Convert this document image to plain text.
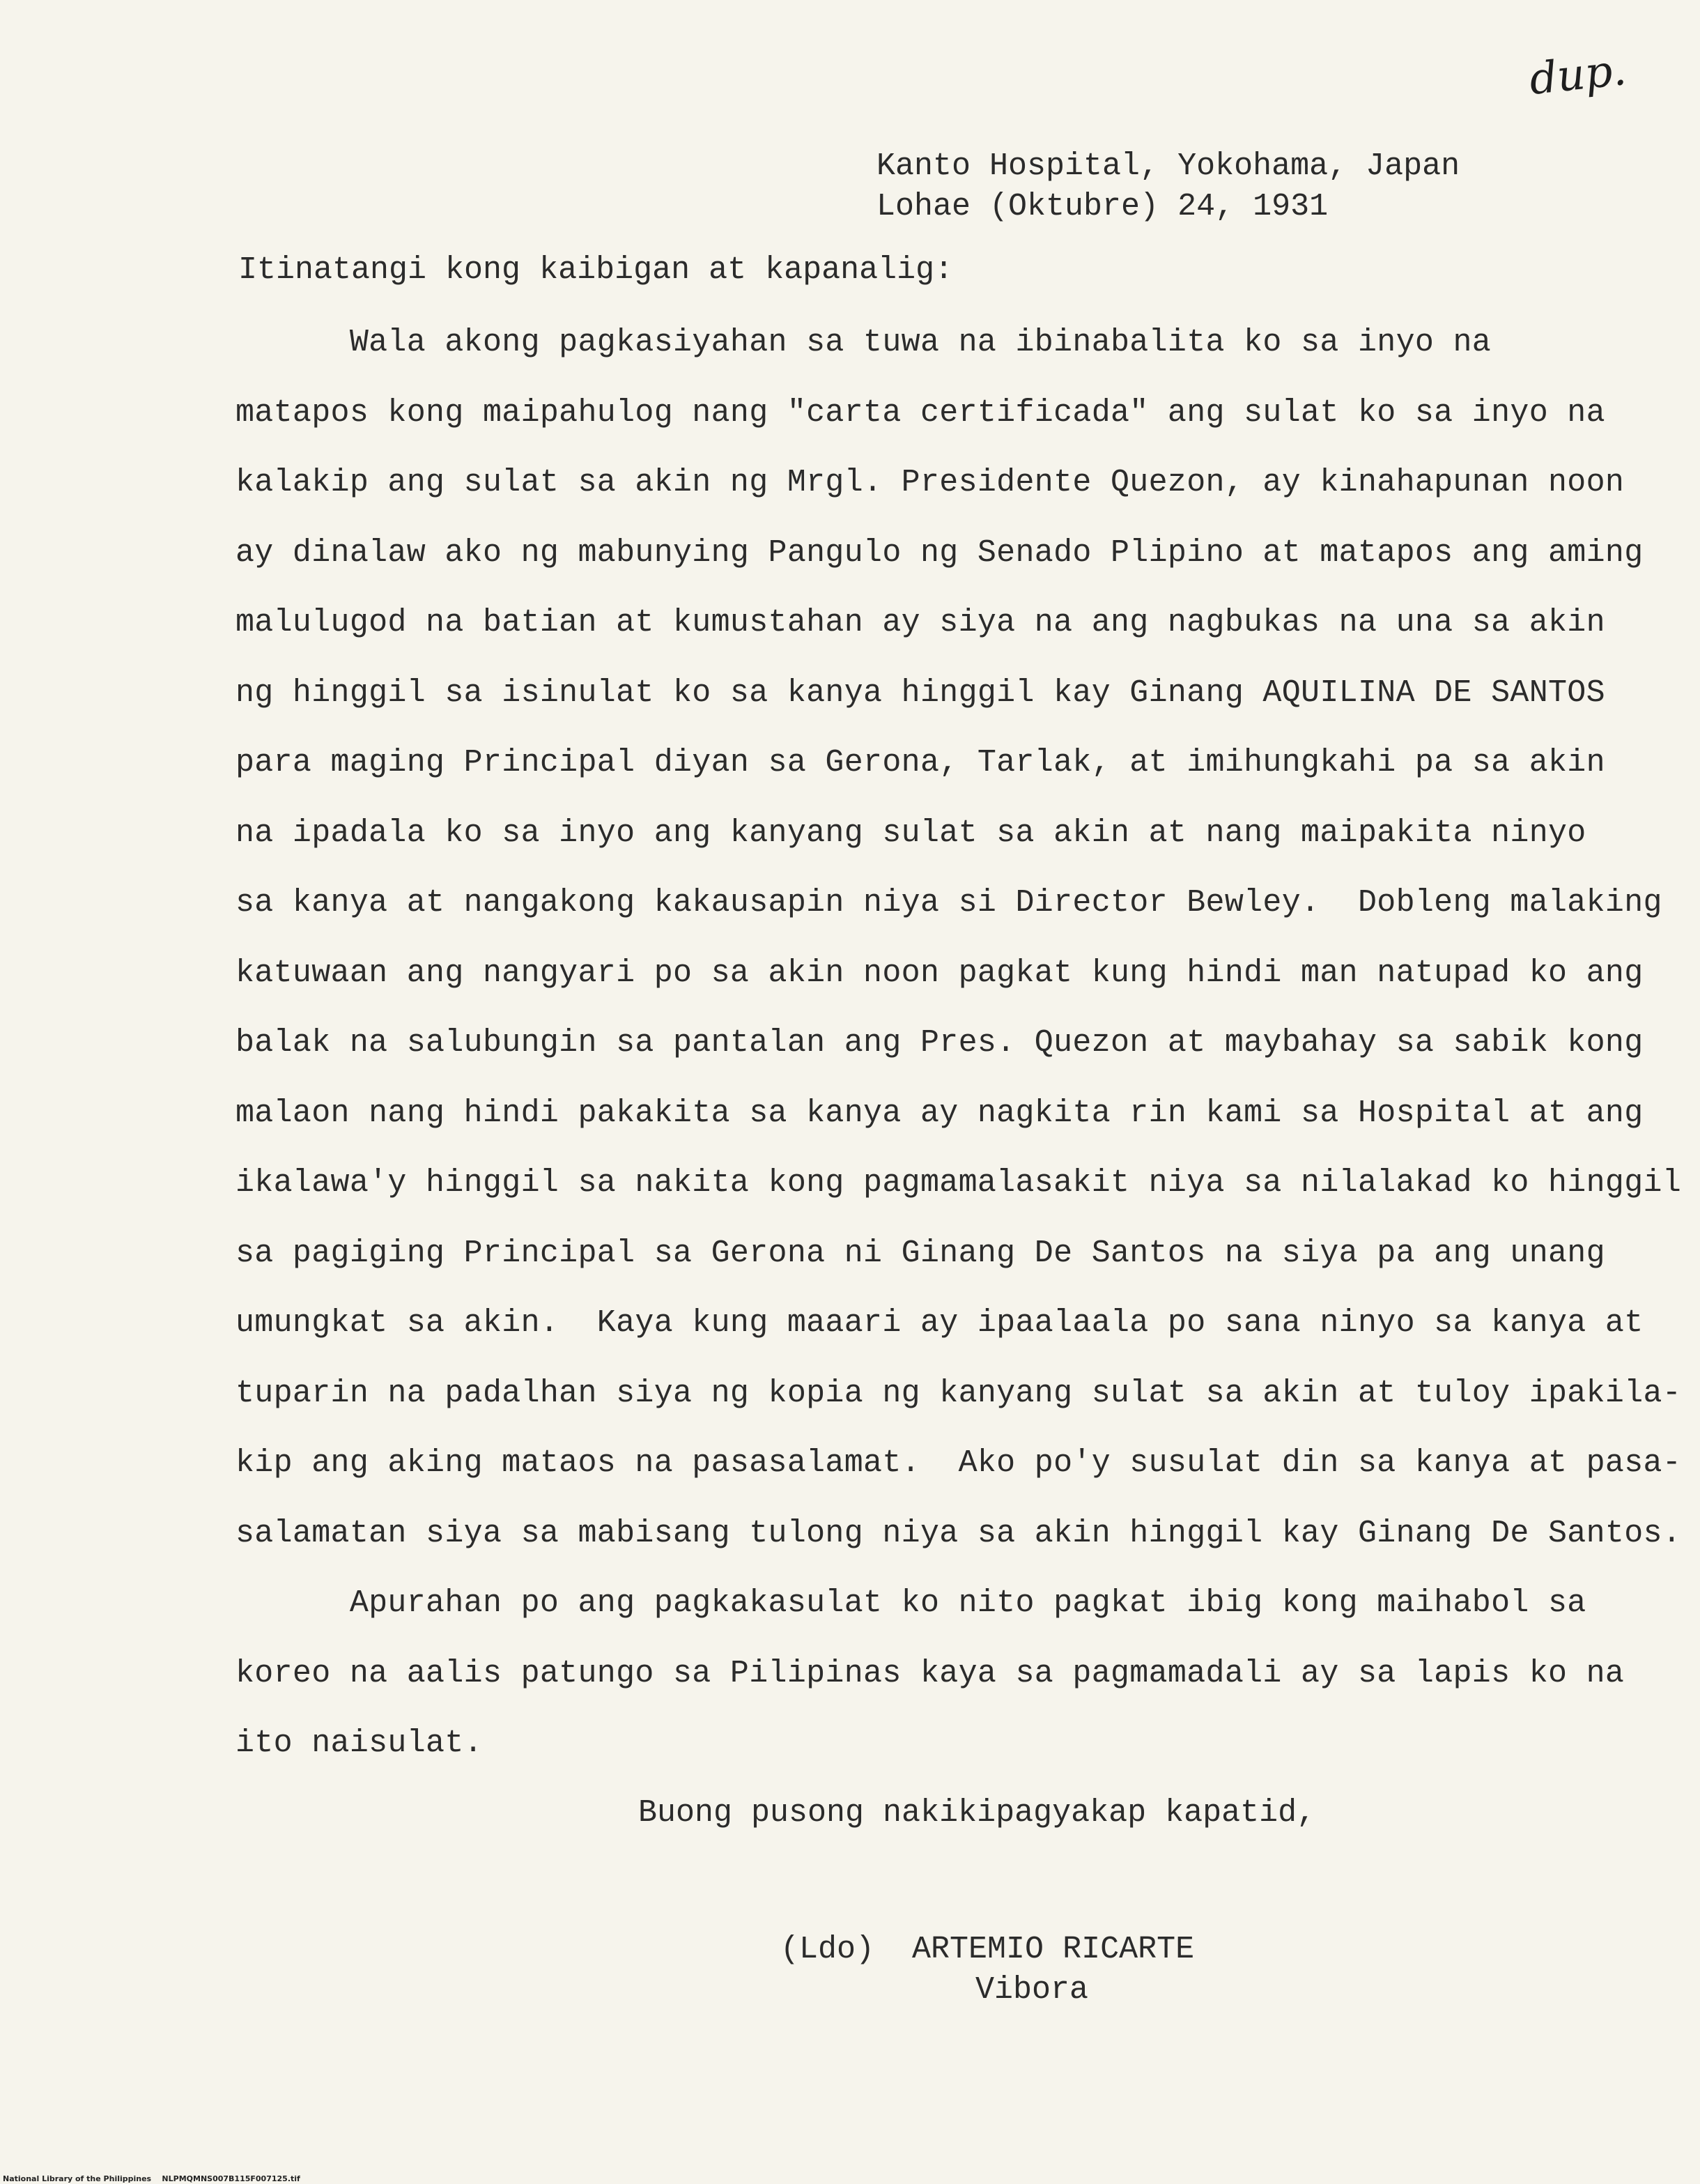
dup.
Kanto Hospital, Yokohama, Japan
Lohae (Oktubre) 24, 1931
Itinatangi kong kaibigan at kapanalig:
Wala akong pagkasiyahan sa tuwa na ibinabalita ko sa inyo na
matapos kong maipahulog nang "carta certificada" ang sulat ko sa inyo na
kalakip ang sulat sa akin ng Mrgl. Presidente Quezon, ay kinahapunan noon
ay dinalaw ako ng mabunying Pangulo ng Senado Plipino at matapos ang aming
malulugod na batian at kumustahan ay siya na ang nagbukas na una sa akin
ng hinggil sa isinulat ko sa kanya hinggil kay Ginang AQUILINA DE SANTOS
para maging Principal diyan sa Gerona, Tarlak, at imihungkahi pa sa akin
na ipadala ko sa inyo ang kanyang sulat sa akin at nang maipakita ninyo
sa kanya at nangakong kakausapin niya si Director Bewley.  Dobleng malaking
katuwaan ang nangyari po sa akin noon pagkat kung hindi man natupad ko ang
balak na salubungin sa pantalan ang Pres. Quezon at maybahay sa sabik kong
malaon nang hindi pakakita sa kanya ay nagkita rin kami sa Hospital at ang
ikalawa'y hinggil sa nakita kong pagmamalasakit niya sa nilalakad ko hinggil
sa pagiging Principal sa Gerona ni Ginang De Santos na siya pa ang unang
umungkat sa akin.  Kaya kung maaari ay ipaalaala po sana ninyo sa kanya at
tuparin na padalhan siya ng kopia ng kanyang sulat sa akin at tuloy ipakila-
kip ang aking mataos na pasasalamat.  Ako po'y susulat din sa kanya at pasa-
salamatan siya sa mabisang tulong niya sa akin hinggil kay Ginang De Santos.
Apurahan po ang pagkakasulat ko nito pagkat ibig kong maihabol sa
koreo na aalis patungo sa Pilipinas kaya sa pagmamadali ay sa lapis ko na
ito naisulat.
Buong pusong nakikipagyakap kapatid,
(Ldo)  ARTEMIO RICARTE
Vibora
National Library of the Philippines    NLPMQMNS007B115F007125.tif
